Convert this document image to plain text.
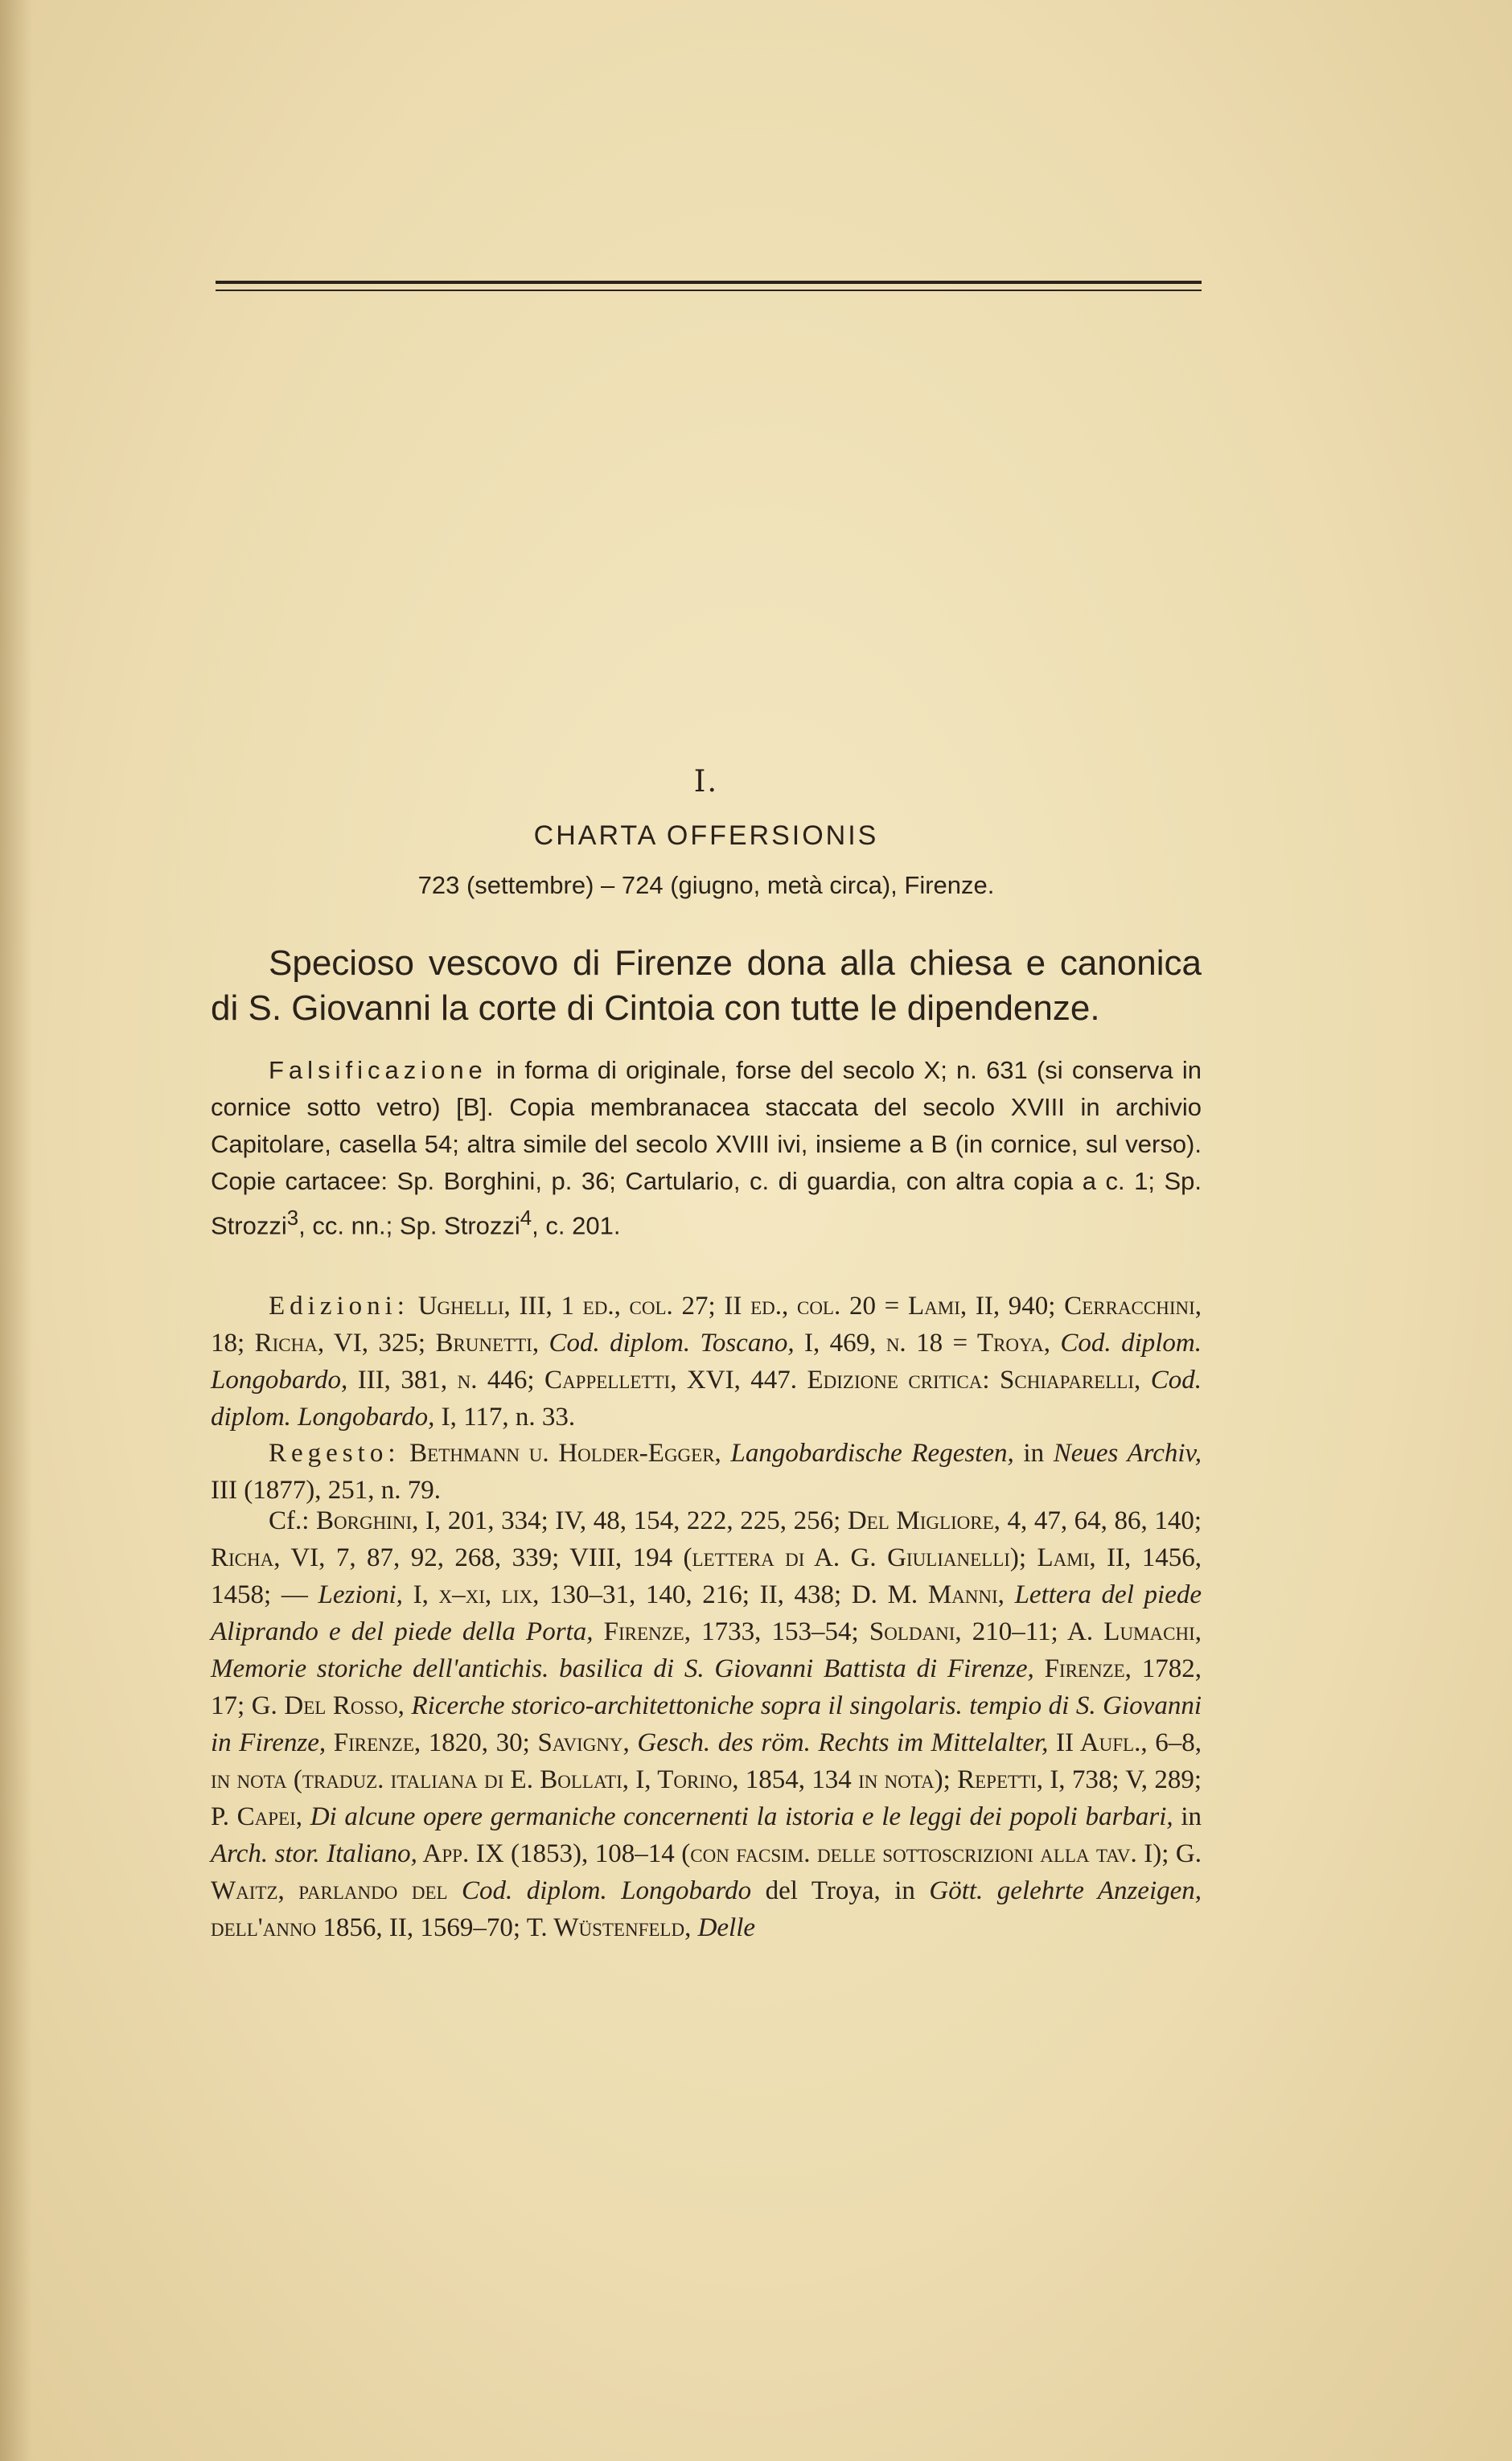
I.
CHARTA OFFERSIONIS
723 (settembre) – 724 (giugno, metà circa), Firenze.
Specioso vescovo di Firenze dona alla chiesa e canonica di S. Giovanni la corte di Cintoia con tutte le dipendenze.
Falsificazione in forma di originale, forse del secolo X; n. 631 (si conserva in cornice sotto vetro) [B]. Copia membranacea staccata del secolo XVIII in archivio Capitolare, casella 54; altra simile del secolo XVIII ivi, insieme a B (in cornice, sul verso). Copie cartacee: Sp. Borghini, p. 36; Cartulario, c. di guardia, con altra copia a c. 1; Sp. Strozzi$^3$, cc. nn.; Sp. Strozzi$^4$, c. 201.
Edizioni: Ughelli, III, 1 ed., col. 27; II ed., col. 20 = Lami, II, 940; Cerracchini, 18; Richa, VI, 325; Brunetti, Cod. diplom. Toscano, I, 469, n. 18 = Troya, Cod. diplom. Longobardo, III, 381, n. 446; Cappelletti, XVI, 447. Edizione critica: Schiaparelli, Cod. diplom. Longobardo, I, 117, n. 33.
Regesto: Bethmann u. Holder-Egger, Langobardische Regesten, in Neues Archiv, III (1877), 251, n. 79.
Cf.: Borghini, I, 201, 334; IV, 48, 154, 222, 225, 256; Del Migliore, 4, 47, 64, 86, 140; Richa, VI, 7, 87, 92, 268, 339; VIII, 194 (lettera di A. G. Giulianelli); Lami, II, 1456, 1458; — Lezioni, I, x–xi, lix, 130–31, 140, 216; II, 438; D. M. Manni, Lettera del piede Aliprando e del piede della Porta, Firenze, 1733, 153–54; Soldani, 210–11; A. Lumachi, Memorie storiche dell'antichis. basilica di S. Giovanni Battista di Firenze, Firenze, 1782, 17; G. Del Rosso, Ricerche storico-architettoniche sopra il singolaris. tempio di S. Giovanni in Firenze, Firenze, 1820, 30; Savigny, Gesch. des röm. Rechts im Mittelalter, II Aufl., 6–8, in nota (traduz. italiana di E. Bollati, I, Torino, 1854, 134 in nota); Repetti, I, 738; V, 289; P. Capei, Di alcune opere germaniche concernenti la istoria e le leggi dei popoli barbari, in Arch. stor. Italiano, App. IX (1853), 108–14 (con facsim. delle sottoscrizioni alla tav. I); G. Waitz, parlando del Cod. diplom. Longobardo del Troya, in Gött. gelehrte Anzeigen, dell'anno 1856, II, 1569–70; T. Wüstenfeld, Delle
